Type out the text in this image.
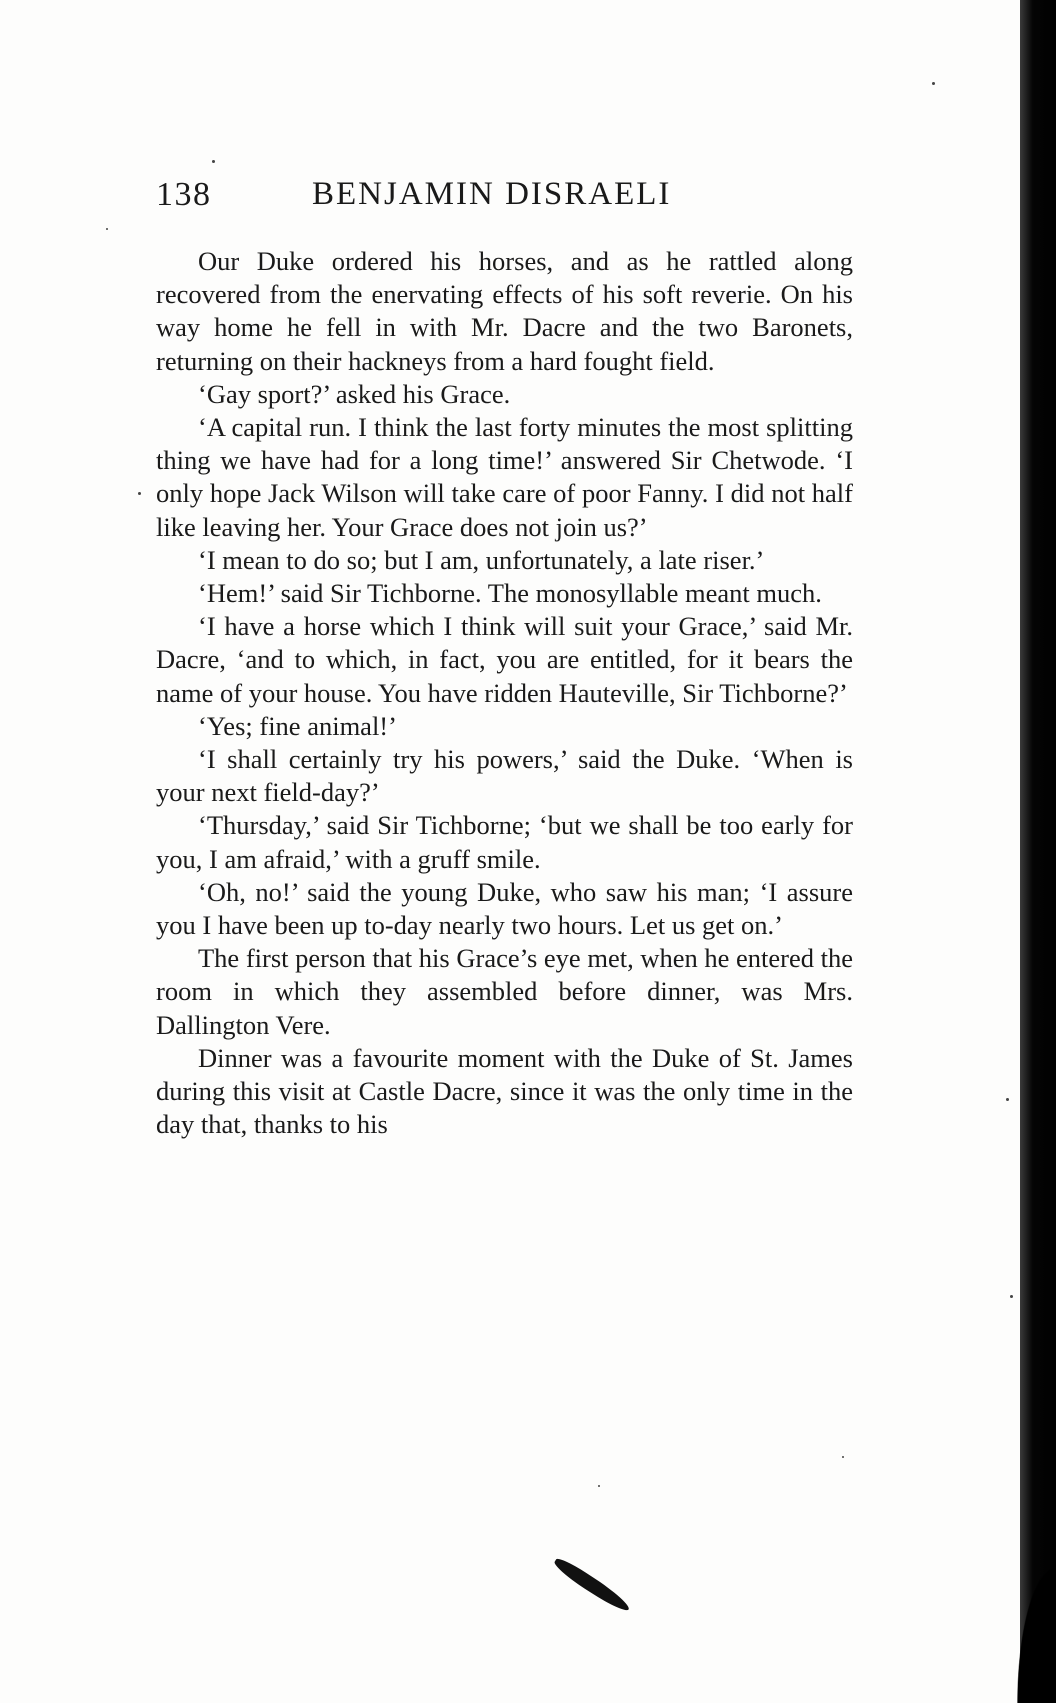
138	BENJAMIN DISRAELI

Our Duke ordered his horses, and as he rattled along recovered from the enervating effects of his soft reverie. On his way home he fell in with Mr. Dacre and the two Baronets, returning on their hackneys from a hard fought field.

‘Gay sport?’ asked his Grace.

‘A capital run. I think the last forty minutes the most splitting thing we have had for a long time!’ answered Sir Chetwode. ‘I only hope Jack Wilson will take care of poor Fanny. I did not half like leaving her. Your Grace does not join us?’

‘I mean to do so; but I am, unfortunately, a late riser.’

‘Hem!’ said Sir Tichborne. The monosyllable meant much.

‘I have a horse which I think will suit your Grace,’ said Mr. Dacre, ‘and to which, in fact, you are entitled, for it bears the name of your house. You have ridden Hauteville, Sir Tichborne?’

‘Yes; fine animal!’

‘I shall certainly try his powers,’ said the Duke. ‘When is your next field-day?’

‘Thursday,’ said Sir Tichborne; ‘but we shall be too early for you, I am afraid,’ with a gruff smile.

‘Oh, no!’ said the young Duke, who saw his man; ‘I assure you I have been up to-day nearly two hours. Let us get on.’

The first person that his Grace’s eye met, when he entered the room in which they assembled before dinner, was Mrs. Dallington Vere.

Dinner was a favourite moment with the Duke of St. James during this visit at Castle Dacre, since it was the only time in the day that, thanks to his
